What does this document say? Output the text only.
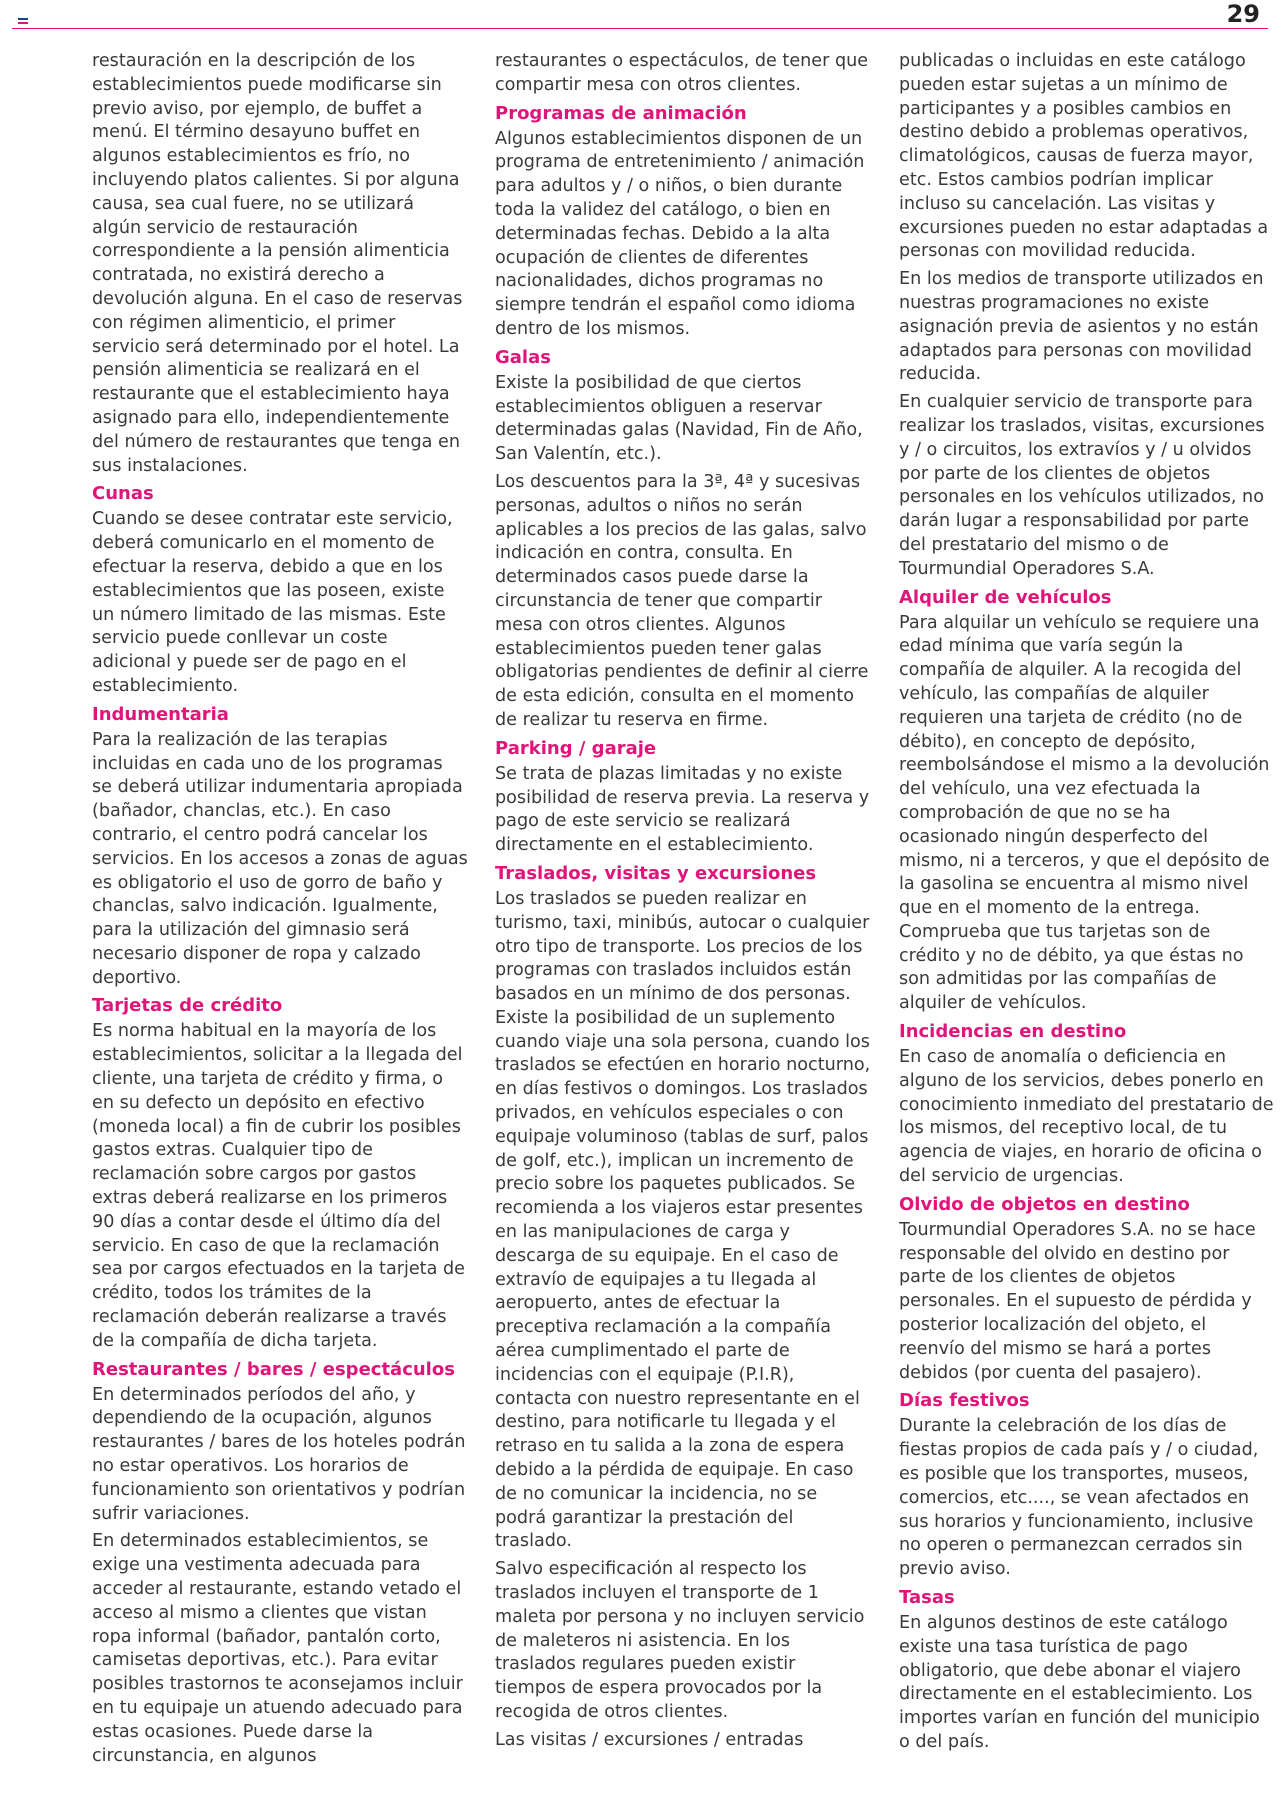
29

restauración en la descripción de los establecimientos puede modificarse sin previo aviso, por ejemplo, de buffet a menú. El término desayuno buffet en algunos establecimientos es frío, no incluyendo platos calientes. Si por alguna causa, sea cual fuere, no se utilizará algún servicio de restauración correspondiente a la pensión alimenticia contratada, no existirá derecho a devolución alguna. En el caso de reservas con régimen alimenticio, el primer servicio será determinado por el hotel. La pensión alimenticia se realizará en el restaurante que el establecimiento haya asignado para ello, independientemente del número de restaurantes que tenga en sus instalaciones.

Cunas

Cuando se desee contratar este servicio, deberá comunicarlo en el momento de efectuar la reserva, debido a que en los establecimientos que las poseen, existe un número limitado de las mismas. Este servicio puede conllevar un coste adicional y puede ser de pago en el establecimiento.

Indumentaria

Para la realización de las terapias incluidas en cada uno de los programas se deberá utilizar indumentaria apropiada (bañador, chanclas, etc.). En caso contrario, el centro podrá cancelar los servicios. En los accesos a zonas de aguas es obligatorio el uso de gorro de baño y chanclas, salvo indicación. Igualmente, para la utilización del gimnasio será necesario disponer de ropa y calzado deportivo.

Tarjetas de crédito

Es norma habitual en la mayoría de los establecimientos, solicitar a la llegada del cliente, una tarjeta de crédito y firma, o en su defecto un depósito en efectivo (moneda local) a fin de cubrir los posibles gastos extras. Cualquier tipo de reclamación sobre cargos por gastos extras deberá realizarse en los primeros 90 días a contar desde el último día del servicio. En caso de que la reclamación sea por cargos efectuados en la tarjeta de crédito, todos los trámites de la reclamación deberán realizarse a través de la compañía de dicha tarjeta.

Restaurantes / bares / espectáculos

En determinados períodos del año, y dependiendo de la ocupación, algunos restaurantes / bares de los hoteles podrán no estar operativos. Los horarios de funcionamiento son orientativos y podrían sufrir variaciones.

En determinados establecimientos, se exige una vestimenta adecuada para acceder al restaurante, estando vetado el acceso al mismo a clientes que vistan ropa informal (bañador, pantalón corto, camisetas deportivas, etc.). Para evitar posibles trastornos te aconsejamos incluir en tu equipaje un atuendo adecuado para estas ocasiones. Puede darse la circunstancia, en algunos

restaurantes o espectáculos, de tener que compartir mesa con otros clientes.

Programas de animación

Algunos establecimientos disponen de un programa de entretenimiento / animación para adultos y / o niños, o bien durante toda la validez del catálogo, o bien en determinadas fechas. Debido a la alta ocupación de clientes de diferentes nacionalidades, dichos programas no siempre tendrán el español como idioma dentro de los mismos.

Galas

Existe la posibilidad de que ciertos establecimientos obliguen a reservar determinadas galas (Navidad, Fin de Año, San Valentín, etc.).

Los descuentos para la 3ª, 4ª y sucesivas personas, adultos o niños no serán aplicables a los precios de las galas, salvo indicación en contra, consulta. En determinados casos puede darse la circunstancia de tener que compartir mesa con otros clientes. Algunos establecimientos pueden tener galas obligatorias pendientes de definir al cierre de esta edición, consulta en el momento de realizar tu reserva en firme.

Parking / garaje

Se trata de plazas limitadas y no existe posibilidad de reserva previa. La reserva y pago de este servicio se realizará directamente en el establecimiento.

Traslados, visitas y excursiones

Los traslados se pueden realizar en turismo, taxi, minibús, autocar o cualquier otro tipo de transporte. Los precios de los programas con traslados incluidos están basados en un mínimo de dos personas. Existe la posibilidad de un suplemento cuando viaje una sola persona, cuando los traslados se efectúen en horario nocturno, en días festivos o domingos. Los traslados privados, en vehículos especiales o con equipaje voluminoso (tablas de surf, palos de golf, etc.), implican un incremento de precio sobre los paquetes publicados. Se recomienda a los viajeros estar presentes en las manipulaciones de carga y descarga de su equipaje. En el caso de extravío de equipajes a tu llegada al aeropuerto, antes de efectuar la preceptiva reclamación a la compañía aérea cumplimentado el parte de incidencias con el equipaje (P.I.R), contacta con nuestro representante en el destino, para notificarle tu llegada y el retraso en tu salida a la zona de espera debido a la pérdida de equipaje. En caso de no comunicar la incidencia, no se podrá garantizar la prestación del traslado.

Salvo especificación al respecto los traslados incluyen el transporte de 1 maleta por persona y no incluyen servicio de maleteros ni asistencia. En los traslados regulares pueden existir tiempos de espera provocados por la recogida de otros clientes.

Las visitas / excursiones / entradas

publicadas o incluidas en este catálogo pueden estar sujetas a un mínimo de participantes y a posibles cambios en destino debido a problemas operativos, climatológicos, causas de fuerza mayor, etc. Estos cambios podrían implicar incluso su cancelación. Las visitas y excursiones pueden no estar adaptadas a personas con movilidad reducida.

En los medios de transporte utilizados en nuestras programaciones no existe asignación previa de asientos y no están adaptados para personas con movilidad reducida.

En cualquier servicio de transporte para realizar los traslados, visitas, excursiones y / o circuitos, los extravíos y / u olvidos por parte de los clientes de objetos personales en los vehículos utilizados, no darán lugar a responsabilidad por parte del prestatario del mismo o de Tourmundial Operadores S.A.

Alquiler de vehículos

Para alquilar un vehículo se requiere una edad mínima que varía según la compañía de alquiler. A la recogida del vehículo, las compañías de alquiler requieren una tarjeta de crédito (no de débito), en concepto de depósito, reembolsándose el mismo a la devolución del vehículo, una vez efectuada la comprobación de que no se ha ocasionado ningún desperfecto del mismo, ni a terceros, y que el depósito de la gasolina se encuentra al mismo nivel que en el momento de la entrega. Comprueba que tus tarjetas son de crédito y no de débito, ya que éstas no son admitidas por las compañías de alquiler de vehículos.

Incidencias en destino

En caso de anomalía o deficiencia en alguno de los servicios, debes ponerlo en conocimiento inmediato del prestatario de los mismos, del receptivo local, de tu agencia de viajes, en horario de oficina o del servicio de urgencias.

Olvido de objetos en destino

Tourmundial Operadores S.A. no se hace responsable del olvido en destino por parte de los clientes de objetos personales. En el supuesto de pérdida y posterior localización del objeto, el reenvío del mismo se hará a portes debidos (por cuenta del pasajero).

Días festivos

Durante la celebración de los días de fiestas propios de cada país y / o ciudad, es posible que los transportes, museos, comercios, etc...., se vean afectados en sus horarios y funcionamiento, inclusive no operen o permanezcan cerrados sin previo aviso.

Tasas

En algunos destinos de este catálogo existe una tasa turística de pago obligatorio, que debe abonar el viajero directamente en el establecimiento. Los importes varían en función del municipio o del país.
